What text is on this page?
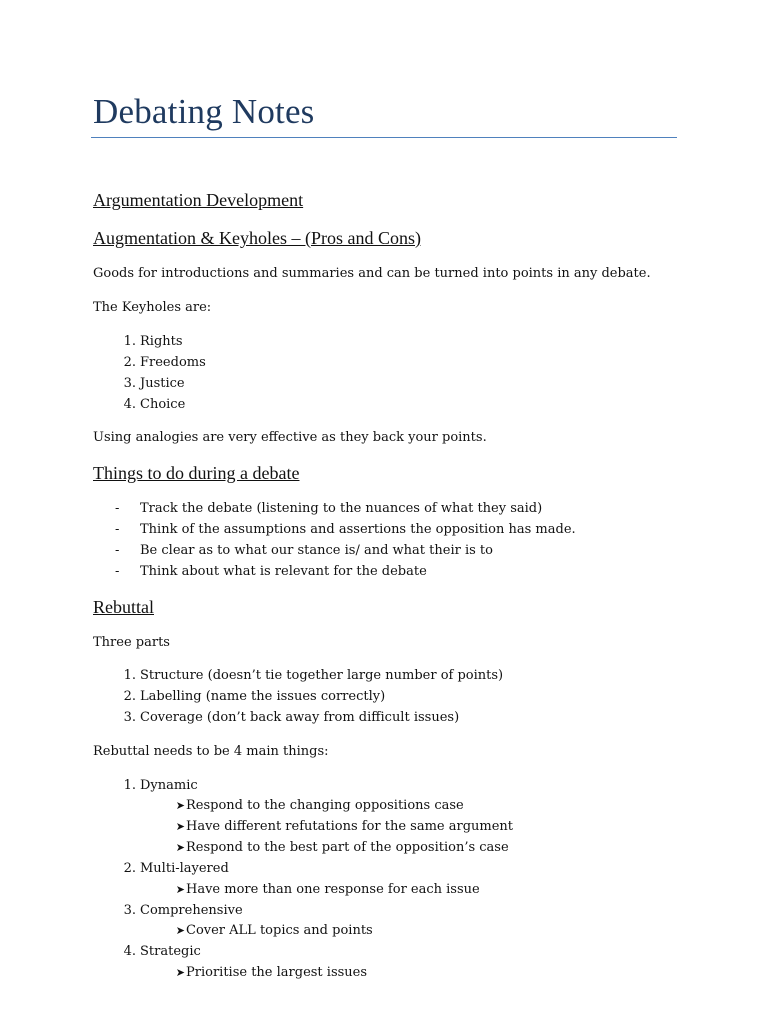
Debating Notes
Argumentation Development
Augmentation & Keyholes – (Pros and Cons)

Goods for introductions and summaries and can be turned into points in any debate.

The Keyholes are:

1. Rights
2. Freedoms
3. Justice
4. Choice

Using analogies are very effective as they back your points.

Things to do during a debate
-	Track the debate (listening to the nuances of what they said)
-	Think of the assumptions and assertions the opposition has made.
-	Be clear as to what our stance is/ and what their is to
-	Think about what is relevant for the debate
Rebuttal

Three parts

1. Structure (doesn’t tie together large number of points)
2. Labelling (name the issues correctly)
3. Coverage (don’t back away from difficult issues)

Rebuttal needs to be 4 main things:

1. Dynamic
➤ Respond to the changing oppositions case
➤ Have different refutations for the same argument
➤ Respond to the best part of the opposition’s case
2. Multi-layered
➤ Have more than one response for each issue
3. Comprehensive
➤ Cover ALL topics and points
4. Strategic
➤ Prioritise the largest issues
